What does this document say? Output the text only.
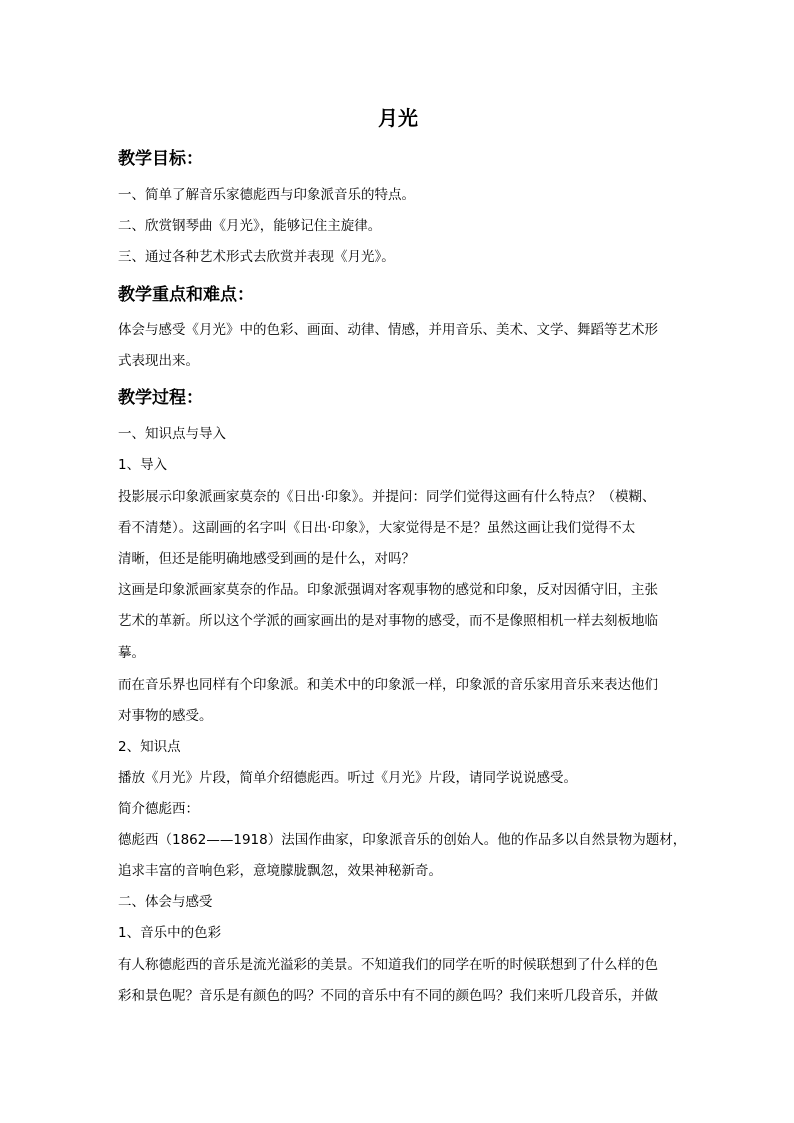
月光
教学目标：
一、简单了解音乐家德彪西与印象派音乐的特点。
二、欣赏钢琴曲《月光》，能够记住主旋律。
三、通过各种艺术形式去欣赏并表现《月光》。
教学重点和难点：
体会与感受《月光》中的色彩、画面、动律、情感，并用音乐、美术、文学、舞蹈等艺术形
式表现出来。
教学过程：
一、知识点与导入
1、导入
投影展示印象派画家莫奈的《日出·印象》。并提问：同学们觉得这画有什么特点？（模糊、
看不清楚）。这副画的名字叫《日出·印象》，大家觉得是不是？虽然这画让我们觉得不太
清晰，但还是能明确地感受到画的是什么，对吗？
这画是印象派画家莫奈的作品。印象派强调对客观事物的感觉和印象，反对因循守旧，主张
艺术的革新。所以这个学派的画家画出的是对事物的感受，而不是像照相机一样去刻板地临
摹。
而在音乐界也同样有个印象派。和美术中的印象派一样，印象派的音乐家用音乐来表达他们
对事物的感受。
2、知识点
播放《月光》片段，简单介绍德彪西。听过《月光》片段，请同学说说感受。
简介德彪西：
德彪西（1862——1918）法国作曲家，印象派音乐的创始人。他的作品多以自然景物为题材，
追求丰富的音响色彩，意境朦胧飘忽，效果神秘新奇。
二、体会与感受
1、音乐中的色彩
有人称德彪西的音乐是流光溢彩的美景。不知道我们的同学在听的时候联想到了什么样的色
彩和景色呢？音乐是有颜色的吗？不同的音乐中有不同的颜色吗？我们来听几段音乐，并做
